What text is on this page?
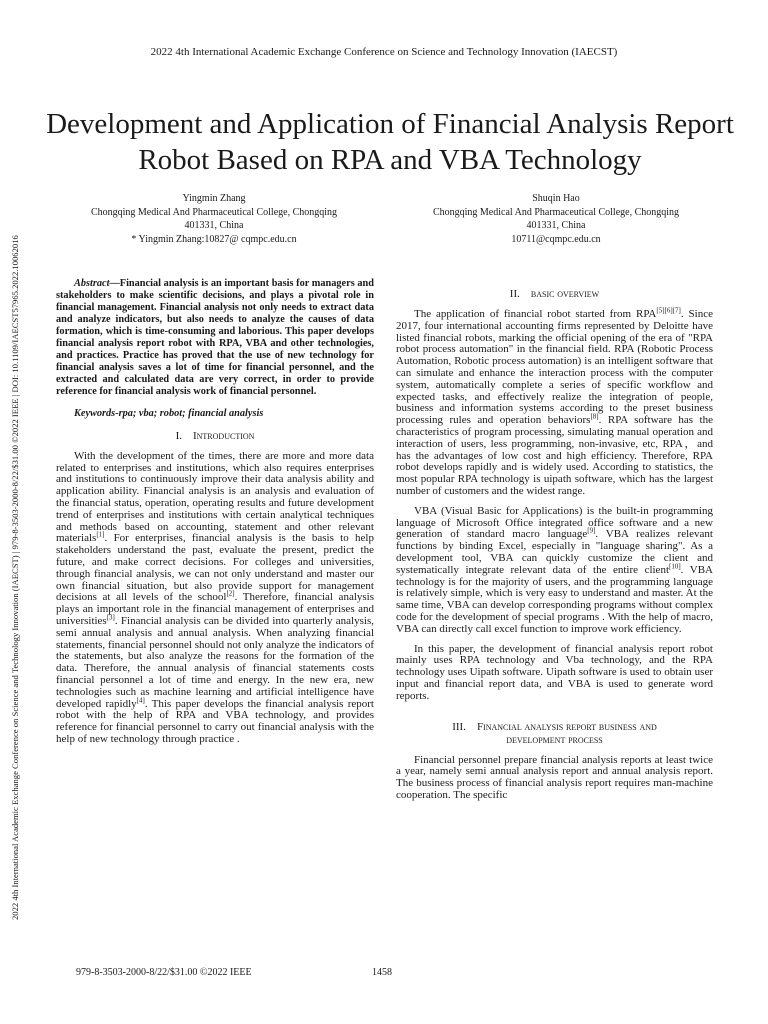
2022 4th International Academic Exchange Conference on Science and Technology Innovation (IAECST)
2022 4th International Academic Exchange Conference on Science and Technology Innovation (IAECST) | 979-8-3503-2000-8/22/$31.00 ©2022 IEEE | DOI: 10.1109/IAECST57965.2022.10062016
Development and Application of Financial Analysis Report Robot Based on RPA and VBA Technology
Yingmin Zhang
Chongqing Medical And Pharmaceutical College, Chongqing
401331, China
* Yingmin Zhang:10827@ cqmpc.edu.cn
Shuqin Hao
Chongqing Medical And Pharmaceutical College, Chongqing
401331, China
10711@cqmpc.edu.cn

Abstract—Financial analysis is an important basis for managers and stakeholders to make scientific decisions, and plays a pivotal role in financial management. Financial analysis not only needs to extract data and analyze indicators, but also needs to analyze the causes of data formation, which is time-consuming and laborious. This paper develops financial analysis report robot with RPA, VBA and other technologies, and practices. Practice has proved that the use of new technology for financial analysis saves a lot of time for financial personnel, and the extracted and calculated data are very correct, in order to provide reference for financial analysis work of financial personnel.

Keywords-rpa; vba; robot; financial analysis

I. Introduction

With the development of the times, there are more and more data related to enterprises and institutions, which also requires enterprises and institutions to continuously improve their data analysis ability and application ability. Financial analysis is an analysis and evaluation of the financial status, operation, operating results and future development trend of enterprises and institutions with certain analytical techniques and methods based on accounting, statement and other relevant materials[1]. For enterprises, financial analysis is the basis to help stakeholders understand the past, evaluate the present, predict the future, and make correct decisions. For colleges and universities, through financial analysis, we can not only understand and master our own financial situation, but also provide support for management decisions at all levels of the school[2]. Therefore, financial analysis plays an important role in the financial management of enterprises and universities[3]. Financial analysis can be divided into quarterly analysis, semi annual analysis and annual analysis. When analyzing financial statements, financial personnel should not only analyze the indicators of the statements, but also analyze the reasons for the formation of the data. Therefore, the annual analysis of financial statements costs financial personnel a lot of time and energy. In the new era, new technologies such as machine learning and artificial intelligence have developed rapidly[4]. This paper develops the financial analysis report robot with the help of RPA and VBA technology, and provides reference for financial personnel to carry out financial analysis with the help of new technology through practice .

II. basic overview

The application of financial robot started from RPA[5][6][7]. Since 2017, four international accounting firms represented by Deloitte have listed financial robots, marking the official opening of the era of "RPA robot process automation" in the financial field. RPA (Robotic Process Automation, Robotic process automation) is an intelligent software that can simulate and enhance the interaction process with the computer system, automatically complete a series of specific workflow and expected tasks, and effectively realize the integration of people, business and information systems according to the preset business processing rules and operation behaviors[8]. RPA software has the characteristics of program processing, simulating manual operation and interaction of users, less programming, non-invasive, etc, RPA，and has the advantages of low cost and high efficiency. Therefore, RPA robot develops rapidly and is widely used. According to statistics, the most popular RPA technology is uipath software, which has the largest number of customers and the widest range.

VBA (Visual Basic for Applications) is the built-in programming language of Microsoft Office integrated office software and a new generation of standard macro language[9]. VBA realizes relevant functions by binding Excel, especially in "language sharing". As a development tool, VBA can quickly customize the client and systematically integrate relevant data of the entire client[10]. VBA technology is for the majority of users, and the programming language is relatively simple, which is very easy to understand and master. At the same time, VBA can develop corresponding programs without complex code for the development of special programs . With the help of macro, VBA can directly call excel function to improve work efficiency.

In this paper, the development of financial analysis report robot mainly uses RPA technology and Vba technology, and the RPA technology uses Uipath software. Uipath software is used to obtain user input and financial report data, and VBA is used to generate word reports.

III. Financial analysis report business and
development process

Financial personnel prepare financial analysis reports at least twice a year, namely semi annual analysis report and annual analysis report. The business process of financial analysis report requires man-machine cooperation. The specific

979-8-3503-2000-8/22/$31.00 ©2022 IEEE	1458
